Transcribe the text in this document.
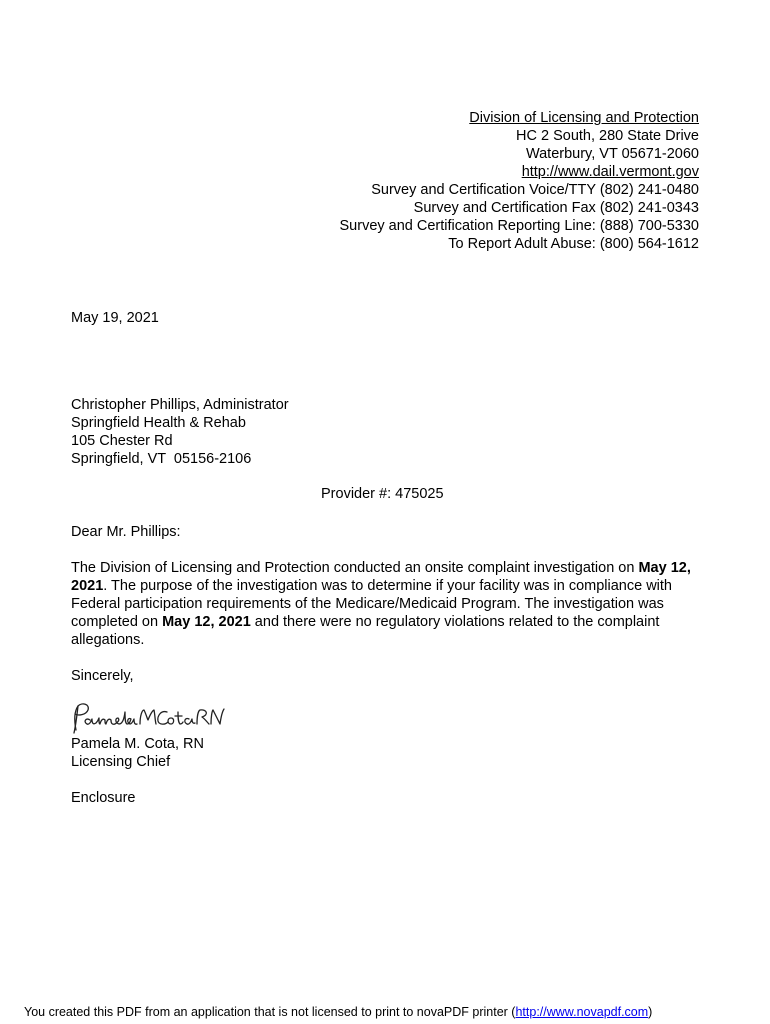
Division of Licensing and Protection
HC 2 South, 280 State Drive
Waterbury, VT 05671-2060
http://www.dail.vermont.gov
Survey and Certification Voice/TTY (802) 241-0480
Survey and Certification Fax (802) 241-0343
Survey and Certification Reporting Line: (888) 700-5330
To Report Adult Abuse: (800) 564-1612
May 19, 2021
Christopher Phillips, Administrator
Springfield Health & Rehab
105 Chester Rd
Springfield, VT  05156-2106
Provider #: 475025
Dear Mr. Phillips:

The Division of Licensing and Protection conducted an onsite complaint investigation on May 12, 2021. The purpose of the investigation was to determine if your facility was in compliance with Federal participation requirements of the Medicare/Medicaid Program. The investigation was completed on May 12, 2021 and there were no regulatory violations related to the complaint allegations.

Sincerely,
Pamela M. Cota, RN
Licensing Chief
Enclosure
You created this PDF from an application that is not licensed to print to novaPDF printer (http://www.novapdf.com)
